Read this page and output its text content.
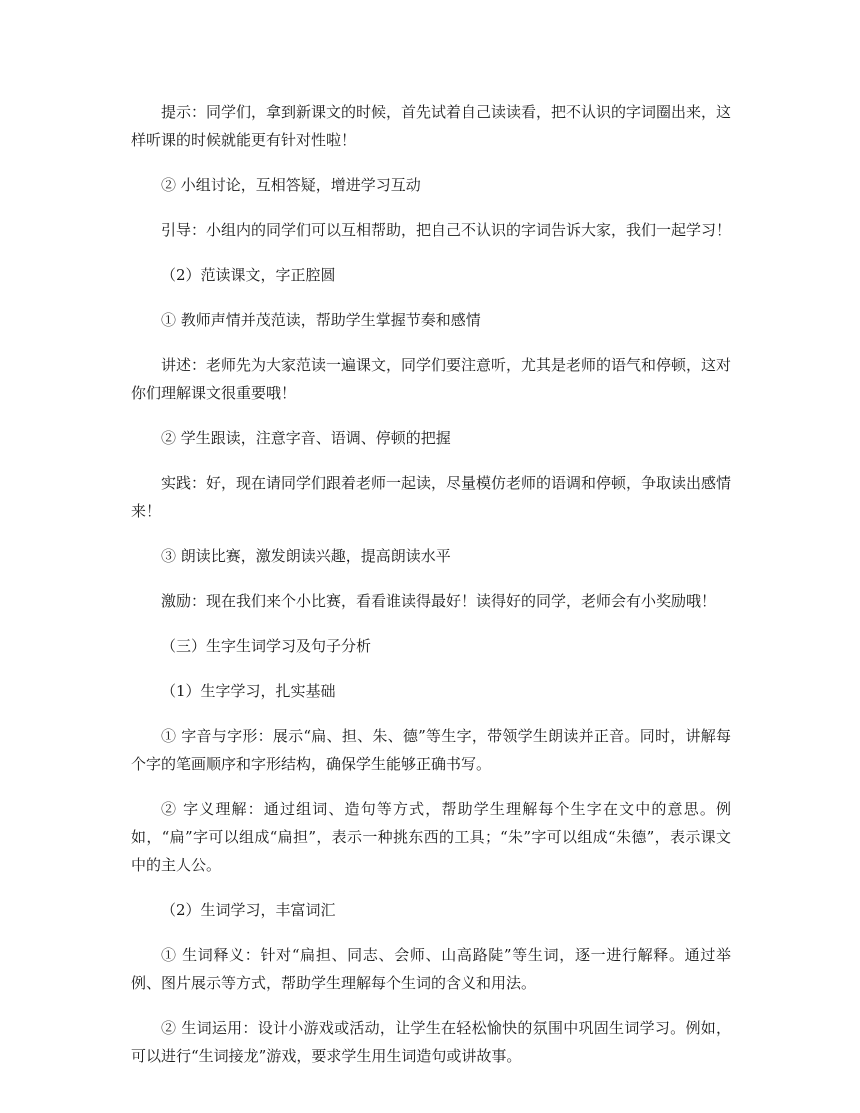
提示：同学们，拿到新课文的时候，首先试着自己读读看，把不认识的字词圈出来，这样听课的时候就能更有针对性啦！

② 小组讨论，互相答疑，增进学习互动

引导：小组内的同学们可以互相帮助，把自己不认识的字词告诉大家，我们一起学习！

（2）范读课文，字正腔圆

① 教师声情并茂范读，帮助学生掌握节奏和感情

讲述：老师先为大家范读一遍课文，同学们要注意听，尤其是老师的语气和停顿，这对你们理解课文很重要哦！

② 学生跟读，注意字音、语调、停顿的把握

实践：好，现在请同学们跟着老师一起读，尽量模仿老师的语调和停顿，争取读出感情来！

③ 朗读比赛，激发朗读兴趣，提高朗读水平

激励：现在我们来个小比赛，看看谁读得最好！读得好的同学，老师会有小奖励哦！

（三）生字生词学习及句子分析

（1）生字学习，扎实基础

① 字音与字形：展示“扁、担、朱、德”等生字，带领学生朗读并正音。同时，讲解每个字的笔画顺序和字形结构，确保学生能够正确书写。

② 字义理解：通过组词、造句等方式，帮助学生理解每个生字在文中的意思。例如，“扁”字可以组成“扁担”，表示一种挑东西的工具；“朱”字可以组成“朱德”，表示课文中的主人公。

（2）生词学习，丰富词汇

① 生词释义：针对“扁担、同志、会师、山高路陡”等生词，逐一进行解释。通过举例、图片展示等方式，帮助学生理解每个生词的含义和用法。

② 生词运用：设计小游戏或活动，让学生在轻松愉快的氛围中巩固生词学习。例如，可以进行“生词接龙”游戏，要求学生用生词造句或讲故事。
